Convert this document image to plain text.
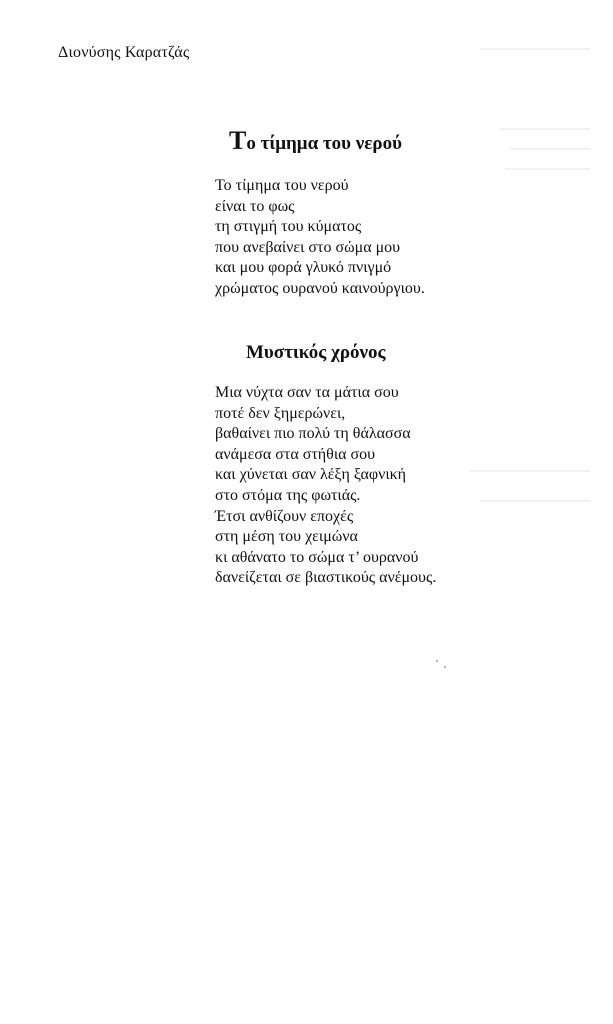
Διονύσης Καρατζάς
Το τίμημα του νερού
Το τίμημα του νερού
είναι το φως
τη στιγμή του κύματος
που ανεβαίνει στο σώμα μου
και μου φορά γλυκό πνιγμό
χρώματος ουρανού καινούργιου.
Μυστικός χρόνος
Μια νύχτα σαν τα μάτια σου
ποτέ δεν ξημερώνει,
βαθαίνει πιο πολύ τη θάλασσα
ανάμεσα στα στήθια σου
και χύνεται σαν λέξη ξαφνική
στο στόμα της φωτιάς.
Έτσι ανθίζουν εποχές
στη μέση του χειμώνα
κι αθάνατο το σώμα τ’ ουρανού
δανείζεται σε βιαστικούς ανέμους.
